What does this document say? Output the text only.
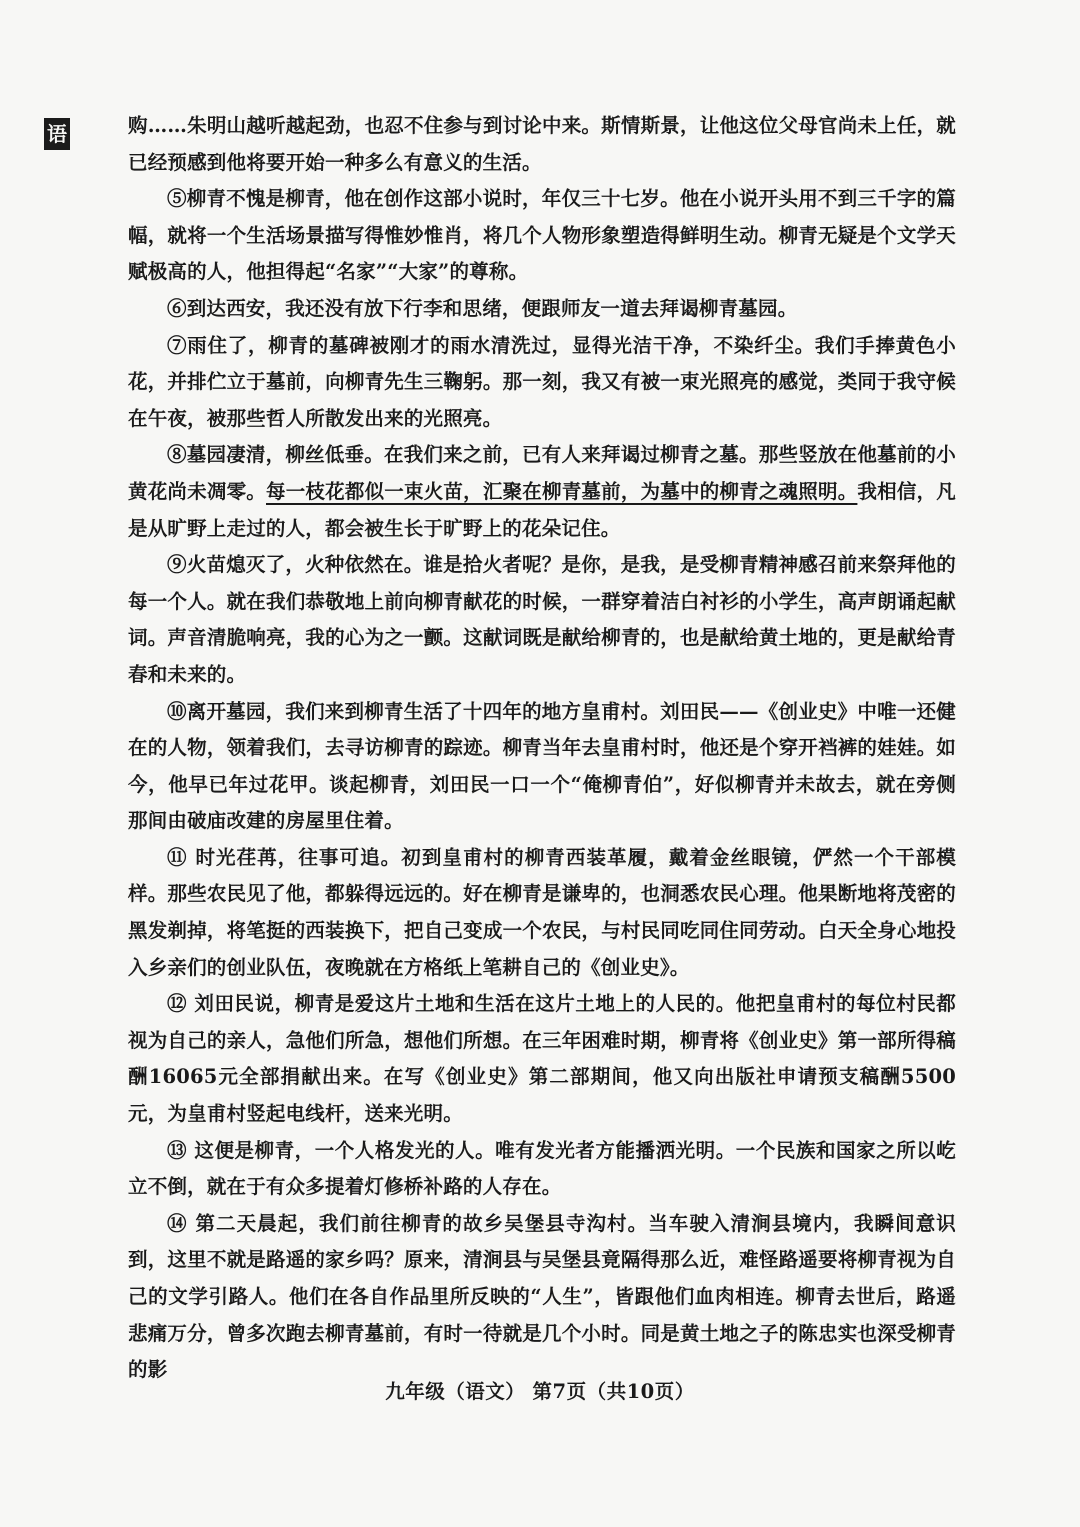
语	购……朱明山越听越起劲，也忍不住参与到讨论中来。斯情斯景，让他这位父母官尚未上任，就已经预感到他将要开始一种多么有意义的生活。

⑤柳青不愧是柳青，他在创作这部小说时，年仅三十七岁。他在小说开头用不到三千字的篇幅，就将一个生活场景描写得惟妙惟肖，将几个人物形象塑造得鲜明生动。柳青无疑是个文学天赋极高的人，他担得起“名家”“大家”的尊称。

⑥到达西安，我还没有放下行李和思绪，便跟师友一道去拜谒柳青墓园。

⑦雨住了，柳青的墓碑被刚才的雨水清洗过，显得光洁干净，不染纤尘。我们手捧黄色小花，并排伫立于墓前，向柳青先生三鞠躬。那一刻，我又有被一束光照亮的感觉，类同于我守候在午夜，被那些哲人所散发出来的光照亮。

⑧墓园凄清，柳丝低垂。在我们来之前，已有人来拜谒过柳青之墓。那些竖放在他墓前的小黄花尚未凋零。每一枝花都似一束火苗，汇聚在柳青墓前，为墓中的柳青之魂照明。我相信，凡是从旷野上走过的人，都会被生长于旷野上的花朵记住。

⑨火苗熄灭了，火种依然在。谁是拾火者呢？是你，是我，是受柳青精神感召前来祭拜他的每一个人。就在我们恭敬地上前向柳青献花的时候，一群穿着洁白衬衫的小学生，高声朗诵起献词。声音清脆响亮，我的心为之一颤。这献词既是献给柳青的，也是献给黄土地的，更是献给青春和未来的。

⑩离开墓园，我们来到柳青生活了十四年的地方皇甫村。刘田民——《创业史》中唯一还健在的人物，领着我们，去寻访柳青的踪迹。柳青当年去皇甫村时，他还是个穿开裆裤的娃娃。如今，他早已年过花甲。谈起柳青，刘田民一口一个“俺柳青伯”，好似柳青并未故去，就在旁侧那间由破庙改建的房屋里住着。

⑪ 时光荏苒，往事可追。初到皇甫村的柳青西装革履，戴着金丝眼镜，俨然一个干部模样。那些农民见了他，都躲得远远的。好在柳青是谦卑的，也洞悉农民心理。他果断地将茂密的黑发剃掉，将笔挺的西装换下，把自己变成一个农民，与村民同吃同住同劳动。白天全身心地投入乡亲们的创业队伍，夜晚就在方格纸上笔耕自己的《创业史》。

⑫ 刘田民说，柳青是爱这片土地和生活在这片土地上的人民的。他把皇甫村的每位村民都视为自己的亲人，急他们所急，想他们所想。在三年困难时期，柳青将《创业史》第一部所得稿酬16065元全部捐献出来。在写《创业史》第二部期间，他又向出版社申请预支稿酬5500元，为皇甫村竖起电线杆，送来光明。

⑬ 这便是柳青，一个人格发光的人。唯有发光者方能播洒光明。一个民族和国家之所以屹立不倒，就在于有众多提着灯修桥补路的人存在。

⑭ 第二天晨起，我们前往柳青的故乡吴堡县寺沟村。当车驶入清涧县境内，我瞬间意识到，这里不就是路遥的家乡吗？原来，清涧县与吴堡县竟隔得那么近，难怪路遥要将柳青视为自己的文学引路人。他们在各自作品里所反映的“人生”，皆跟他们血肉相连。柳青去世后，路遥悲痛万分，曾多次跑去柳青墓前，有时一待就是几个小时。同是黄土地之子的陈忠实也深受柳青的影

九年级（语文） 第7页（共10页）
